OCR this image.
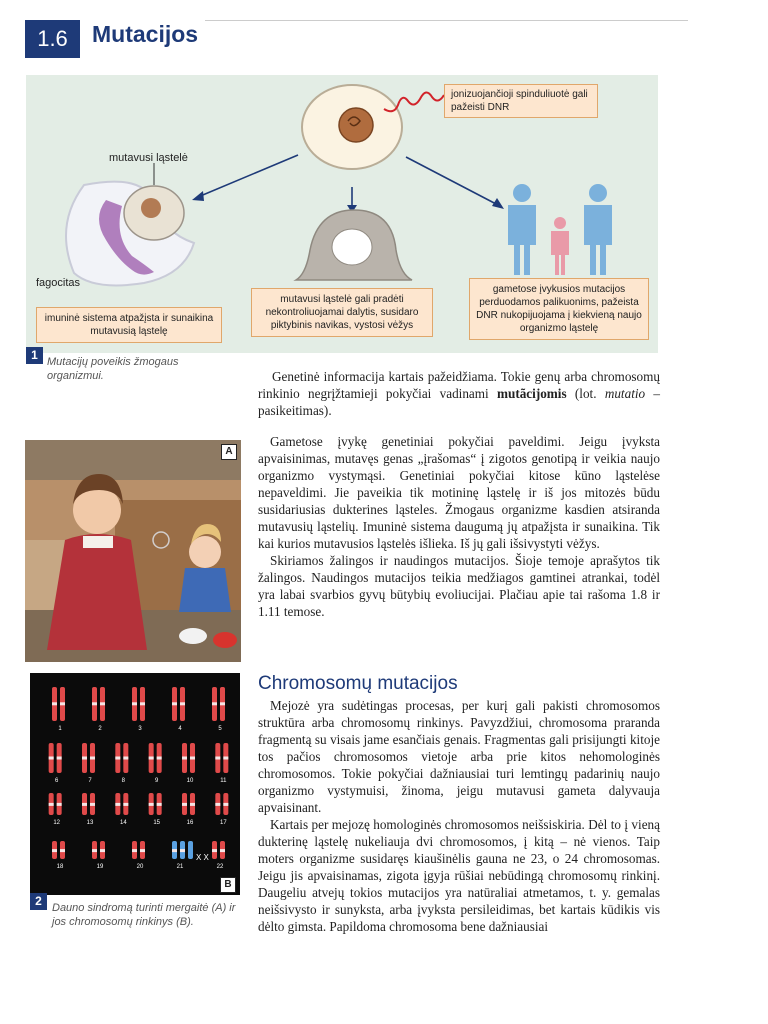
1.6	Mutacijos
jonizuojančioji spinduliuotė gali pažeisti DNR
mutavusi ląstelė
fagocitas
imuninė sistema atpažįsta ir sunaikina mutavusią ląstelę
mutavusi ląstelė gali pradėti nekontroliuojamai dalytis, susidaro piktybinis navikas, vystosi vėžys
gametose įvykusios mutacijos perduodamos palikuonims, pažeista DNR nukopijuojama į kiekvieną naujo organizmo ląstelę
1 Mutacijų poveikis žmogaus organizmui.	Genetinė informacija kartais pažeidžiama. Tokie genų arba chromosomų rinkinio negrįžtamieji pokyčiai vadinami mutãcijomis (lot. mutatio – pasikeitimas).

A

Gametose įvykę genetiniai pokyčiai paveldimi. Jeigu įvyksta apvaisinimas, mutavęs genas „įrašomas“ į zigotos genotipą ir veikia naujo organizmo vystymąsi. Genetiniai pokyčiai kitose kūno ląstelėse nepaveldimi. Jie paveikia tik motininę ląstelę ir iš jos mitozės būdu susidariusias dukterines ląsteles. Žmogaus organizme kasdien atsiranda mutavusių ląstelių. Imuninė sistema daugumą jų atpažįsta ir sunaikina. Tik kai kurios mutavusios ląstelės išlieka. Iš jų gali išsivystyti vėžys.

Skiriamos žalingos ir naudingos mutacijos. Šioje temoje aprašytos tik žalingos. Naudingos mutacijos teikia medžiagos gamtinei atrankai, todėl yra labai svarbios gyvų būtybių evoliucijai. Plačiau apie tai rašoma 1.8 ir 1.11 temose.

Chromosomų mutacijos

Mejozė yra sudėtingas procesas, per kurį gali pakisti chromosomos struktūra arba chromosomų rinkinys. Pavyzdžiui, chromosoma praranda fragmentą su visais jame esančiais genais. Fragmentas gali prisijungti kitoje tos pačios chromosomos vietoje arba prie kitos nehomologinės chromosomos. Tokie pokyčiai dažniausiai turi lemtingų padarinių naujo organizmo vystymuisi, žinoma, jeigu mutavusi gameta dalyvauja apvaisinant.

Kartais per mejozę homologinės chromosomos neišsiskiria. Dėl to į vieną dukterinę ląstelę nukeliauja dvi chromosomos, į kitą – nė vienos. Taip moters organizme susidaręs kiaušinėlis gauna ne 23, o 24 chromosomas. Jeigu jis apvaisinamas, zigota įgyja rūšiai nebūdingą chromosomų rinkinį. Daugeliu atvejų tokios mutacijos yra natūraliai atmetamos, t. y. gemalas neišsivysto ir sunyksta, arba įvyksta persileidimas, bet kartais kūdikis vis dėlto gimsta. Papildoma chromosoma bene dažniausiai

1	2	3	4	5
6	7	8	9	10	11
12	13	14	15	16	17
18	19	20	21	22
B
X X
2 Dauno sindromą turinti mergaitė (A) ir jos chromosomų rinkinys (B).
